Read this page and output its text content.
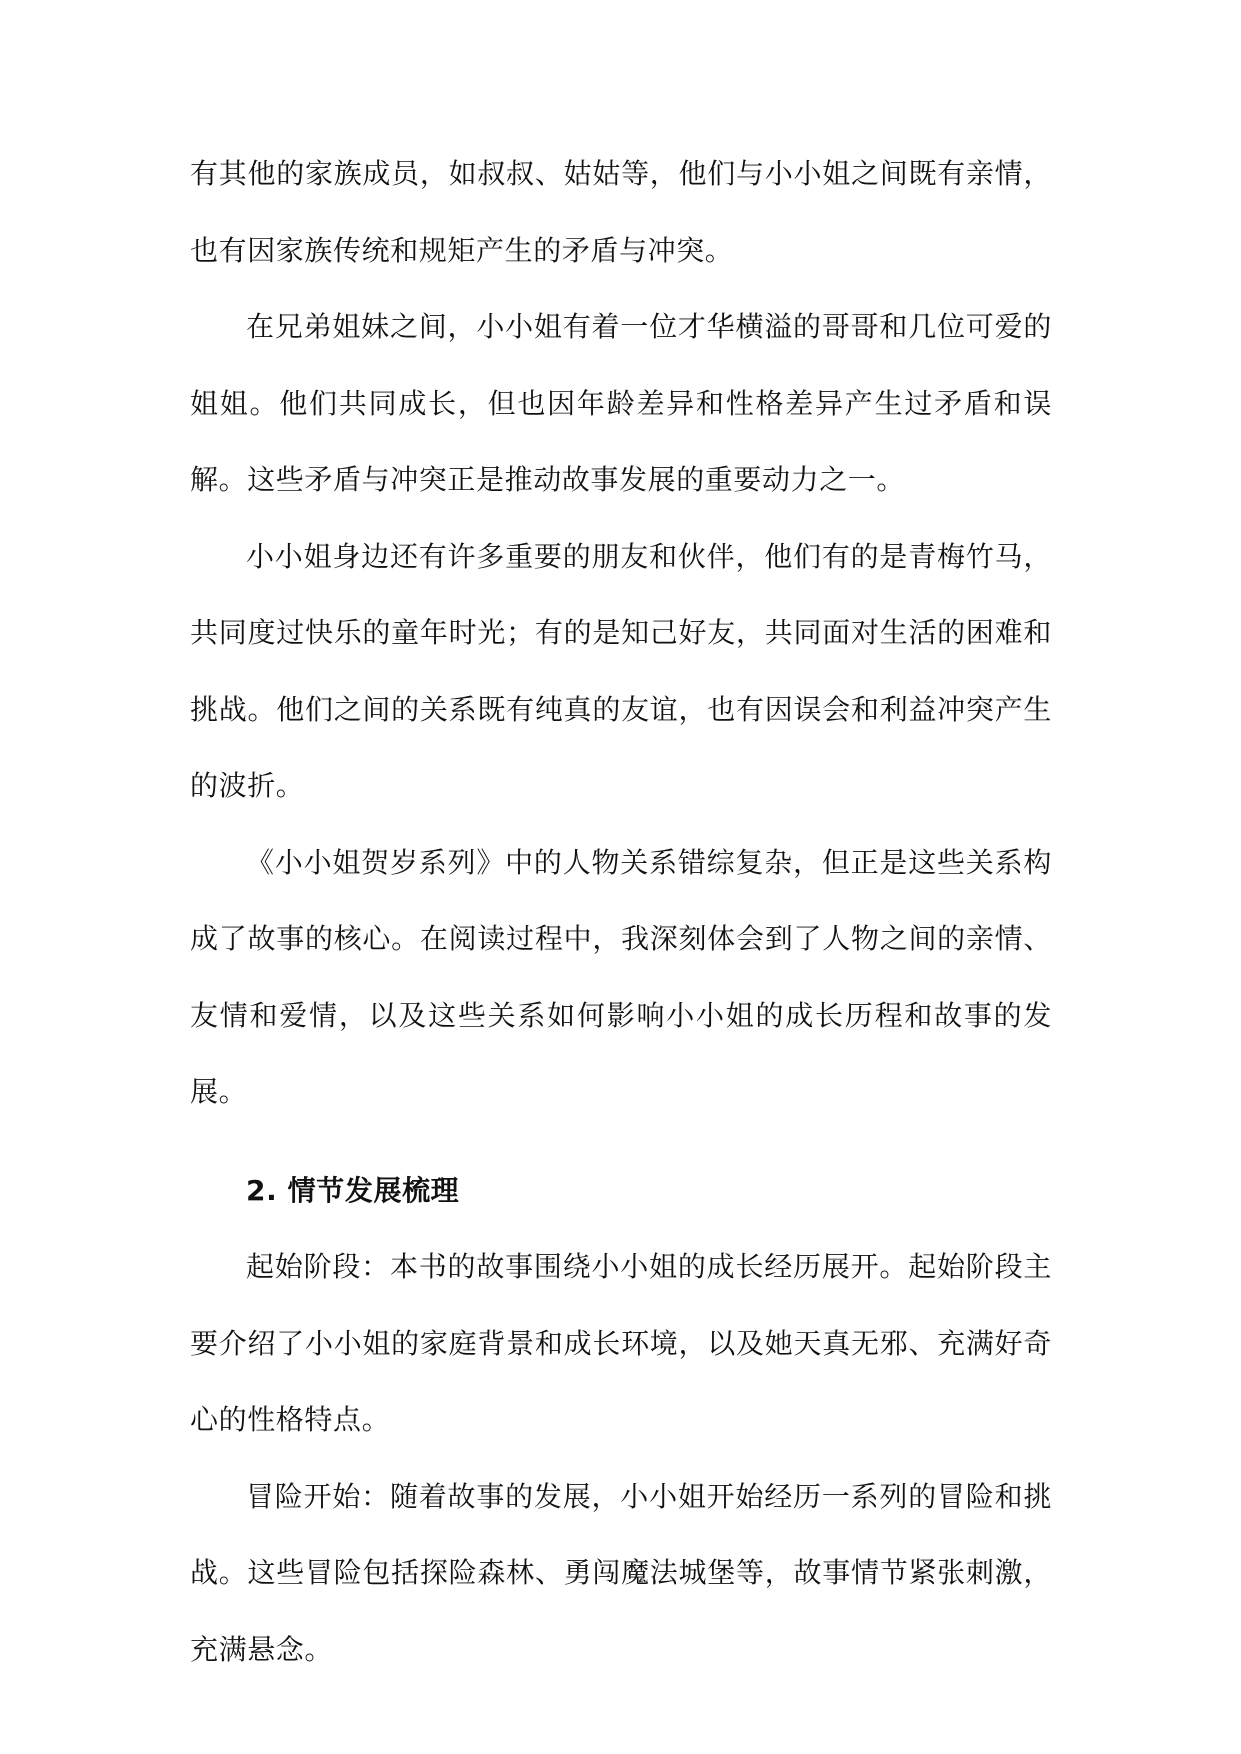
有其他的家族成员，如叔叔、姑姑等，他们与小小姐之间既有亲情，也有因家族传统和规矩产生的矛盾与冲突。

在兄弟姐妹之间，小小姐有着一位才华横溢的哥哥和几位可爱的姐姐。他们共同成长，但也因年龄差异和性格差异产生过矛盾和误解。这些矛盾与冲突正是推动故事发展的重要动力之一。

小小姐身边还有许多重要的朋友和伙伴，他们有的是青梅竹马，共同度过快乐的童年时光；有的是知己好友，共同面对生活的困难和挑战。他们之间的关系既有纯真的友谊，也有因误会和利益冲突产生的波折。

《小小姐贺岁系列》中的人物关系错综复杂，但正是这些关系构成了故事的核心。在阅读过程中，我深刻体会到了人物之间的亲情、友情和爱情，以及这些关系如何影响小小姐的成长历程和故事的发展。

2. 情节发展梳理

起始阶段：本书的故事围绕小小姐的成长经历展开。起始阶段主要介绍了小小姐的家庭背景和成长环境，以及她天真无邪、充满好奇心的性格特点。

冒险开始：随着故事的发展，小小姐开始经历一系列的冒险和挑战。这些冒险包括探险森林、勇闯魔法城堡等，故事情节紧张刺激，充满悬念。
